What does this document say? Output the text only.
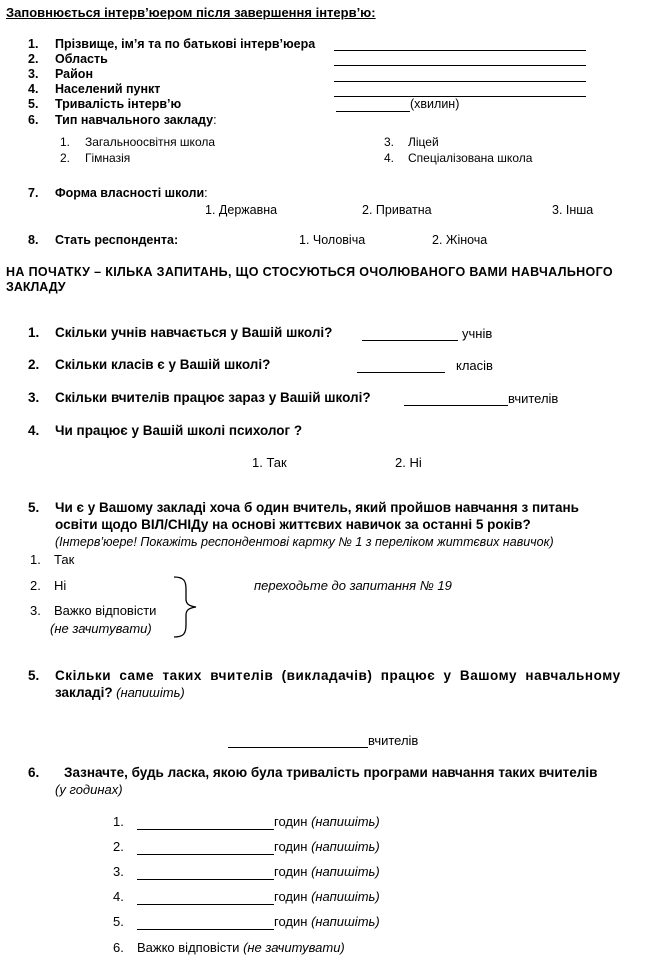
Заповнюється інтерв’юером після завершення інтерв’ю:
1. Прізвище, ім’я та по батькові інтерв’юера
2. Область
3. Район
4. Населений пункт
5. Тривалість інтерв’ю	(хвилин)
6. Тип навчального закладу:
1. Загальноосвітня школа
2. Гімназія
3. Ліцей
4. Спеціалізована школа
7. Форма власності школи:
1. Державна	2. Приватна	3. Інша
8. Стать респондента:	1. Чоловіча	2. Жіноча
НА ПОЧАТКУ – КІЛЬКА ЗАПИТАНЬ, ЩО СТОСУЮТЬСЯ ОЧОЛЮВАНОГО ВАМИ НАВЧАЛЬНОГО
ЗАКЛАДУ
1. Скільки учнів навчається у Вашій школі?	учнів
2. Скільки класів є у Вашій школі?	класів
3. Скільки вчителів працює зараз у Вашій школі?	вчителів
4. Чи працює у Вашій школі психолог ?
1. Так	2. Ні
5. Чи є у Вашому закладі хоча б один вчитель, який пройшов навчання з питань
освіти щодо ВІЛ/СНІДу на основі життєвих навичок за останні 5 років?
(Інтерв’юере! Покажіть респондентові картку № 1 з переліком життєвих навичок)
1. Так
2. Ні
3. Важко відповісти
(не зачитувати)
переходьте до запитання № 19
5. Скільки саме таких вчителів (викладачів) працює у Вашому навчальному
закладі? (напишіть)
вчителів
6. Зазначте, будь ласка, якою була тривалість програми навчання таких вчителів
(у годинах)
1.	годин (напишіть)
2.	годин (напишіть)
3.	годин (напишіть)
4.	годин (напишіть)
5.	годин (напишіть)
6. Важко відповісти (не зачитувати)
